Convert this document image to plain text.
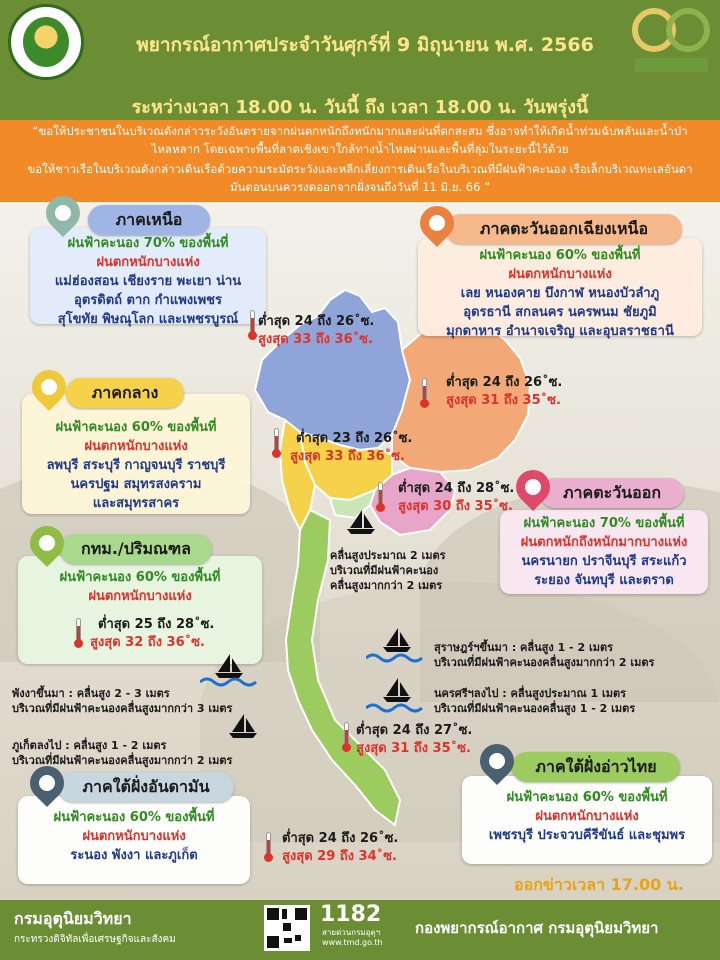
พยากรณ์อากาศประจำวันศุกร์ที่ 9 มิถุนายน พ.ศ. 2566
ระหว่างเวลา 18.00 น. วันนี้ ถึง เวลา 18.00 น. วันพรุ่งนี้
“ขอให้ประชาชนในบริเวณดังกล่าวระวังอันตรายจากฝนตกหนักถึงหนักมากและฝนที่ตกสะสม ซึ่งอาจทำให้เกิดน้ำท่วมฉับพลันและน้ำป่า
ไหลหลาก โดยเฉพาะพื้นที่ลาดเชิงเขาใกล้ทางน้ำไหลผ่านและพื้นที่ลุ่มในระยะนี้ไว้ด้วย
ขอให้ชาวเรือในบริเวณดังกล่าวเดินเรือด้วยความระมัดระวังและหลีกเลี่ยงการเดินเรือในบริเวณที่มีฝนฟ้าคะนอง เรือเล็กบริเวณทะเลอันดา
มันตอนบนควรงดออกจากฝั่งจนถึงวันที่ 11 มิ.ย. 66 ”
ฝนฟ้าคะนอง 70% ของพื้นที่
ฝนตกหนักบางแห่ง
แม่ฮ่องสอน เชียงราย พะเยา น่าน
อุตรดิตถ์ ตาก กำแพงเพชร
สุโขทัย พิษณุโลก และเพชรบูรณ์
ภาคเหนือ
ต่ำสุด 24 ถึง 26˚ซ.
สูงสุด 33 ถึง 36˚ซ.
ฝนฟ้าคะนอง 60% ของพื้นที่
ฝนตกหนักบางแห่ง
เลย หนองคาย บึงกาฬ หนองบัวลำภู
อุดรธานี สกลนคร นครพนม ชัยภูมิ
มุกดาหาร อำนาจเจริญ และอุบลราชธานี
ภาคตะวันออกเฉียงเหนือ
ต่ำสุด 24 ถึง 26˚ซ.
สูงสุด 31 ถึง 35˚ซ.
ฝนฟ้าคะนอง 60% ของพื้นที่
ฝนตกหนักบางแห่ง
ลพบุรี สระบุรี กาญจนบุรี ราชบุรี
นครปฐม สมุทรสงคราม
และสมุทรสาคร
ภาคกลาง
ต่ำสุด 23 ถึง 26˚ซ.
สูงสุด 33 ถึง 36˚ซ.
ฝนฟ้าคะนอง 70% ของพื้นที่
ฝนตกหนักถึงหนักมากบางแห่ง
นครนายก ปราจีนบุรี สระแก้ว
ระยอง จันทบุรี และตราด
ภาคตะวันออก
ต่ำสุด 24 ถึง 28˚ซ.
สูงสุด 30 ถึง 35˚ซ.
ฝนฟ้าคะนอง 60% ของพื้นที่
ฝนตกหนักบางแห่ง
กทม./ปริมณฑล
ต่ำสุด 25 ถึง 28˚ซ.
สูงสุด 32 ถึง 36˚ซ.
ฝนฟ้าคะนอง 60% ของพื้นที่
ฝนตกหนักบางแห่ง
เพชรบุรี ประจวบคีรีขันธ์ และชุมพร
ภาคใต้ฝั่งอ่าวไทย
ต่ำสุด 24 ถึง 27˚ซ.
สูงสุด 31 ถึง 35˚ซ.
ฝนฟ้าคะนอง 60% ของพื้นที่
ฝนตกหนักบางแห่ง
ระนอง พังงา และภูเก็ต
ภาคใต้ฝั่งอันดามัน
ต่ำสุด 24 ถึง 26˚ซ.
สูงสุด 29 ถึง 34˚ซ.
คลื่นสูงประมาณ 2 เมตร
บริเวณที่มีฝนฟ้าคะนอง
คลื่นสูงมากกว่า 2 เมตร
สุราษฎร์ฯขึ้นมา : คลื่นสูง 1 - 2 เมตร
บริเวณที่มีฝนฟ้าคะนองคลื่นสูงมากกว่า 2 เมตร
นครศรีฯลงไป : คลื่นสูงประมาณ 1 เมตร
บริเวณที่มีฝนฟ้าคะนองคลื่นสูง 1 - 2 เมตร
พังงาขึ้นมา : คลื่นสูง 2 - 3 เมตร
บริเวณที่มีฝนฟ้าคะนองคลื่นสูงมากกว่า 3 เมตร
ภูเก็ตลงไป : คลื่นสูง 1 - 2 เมตร
บริเวณที่มีฝนฟ้าคะนองคลื่นสูงมากกว่า 2 เมตร
ออกข่าวเวลา 17.00 น.
กรมอุตุนิยมวิทยา
กระทรวงดิจิทัลเพื่อเศรษฐกิจและสังคม
1182
สายด่วนกรมอุตุฯ
www.tmd.go.th
กองพยากรณ์อากาศ กรมอุตุนิยมวิทยา
